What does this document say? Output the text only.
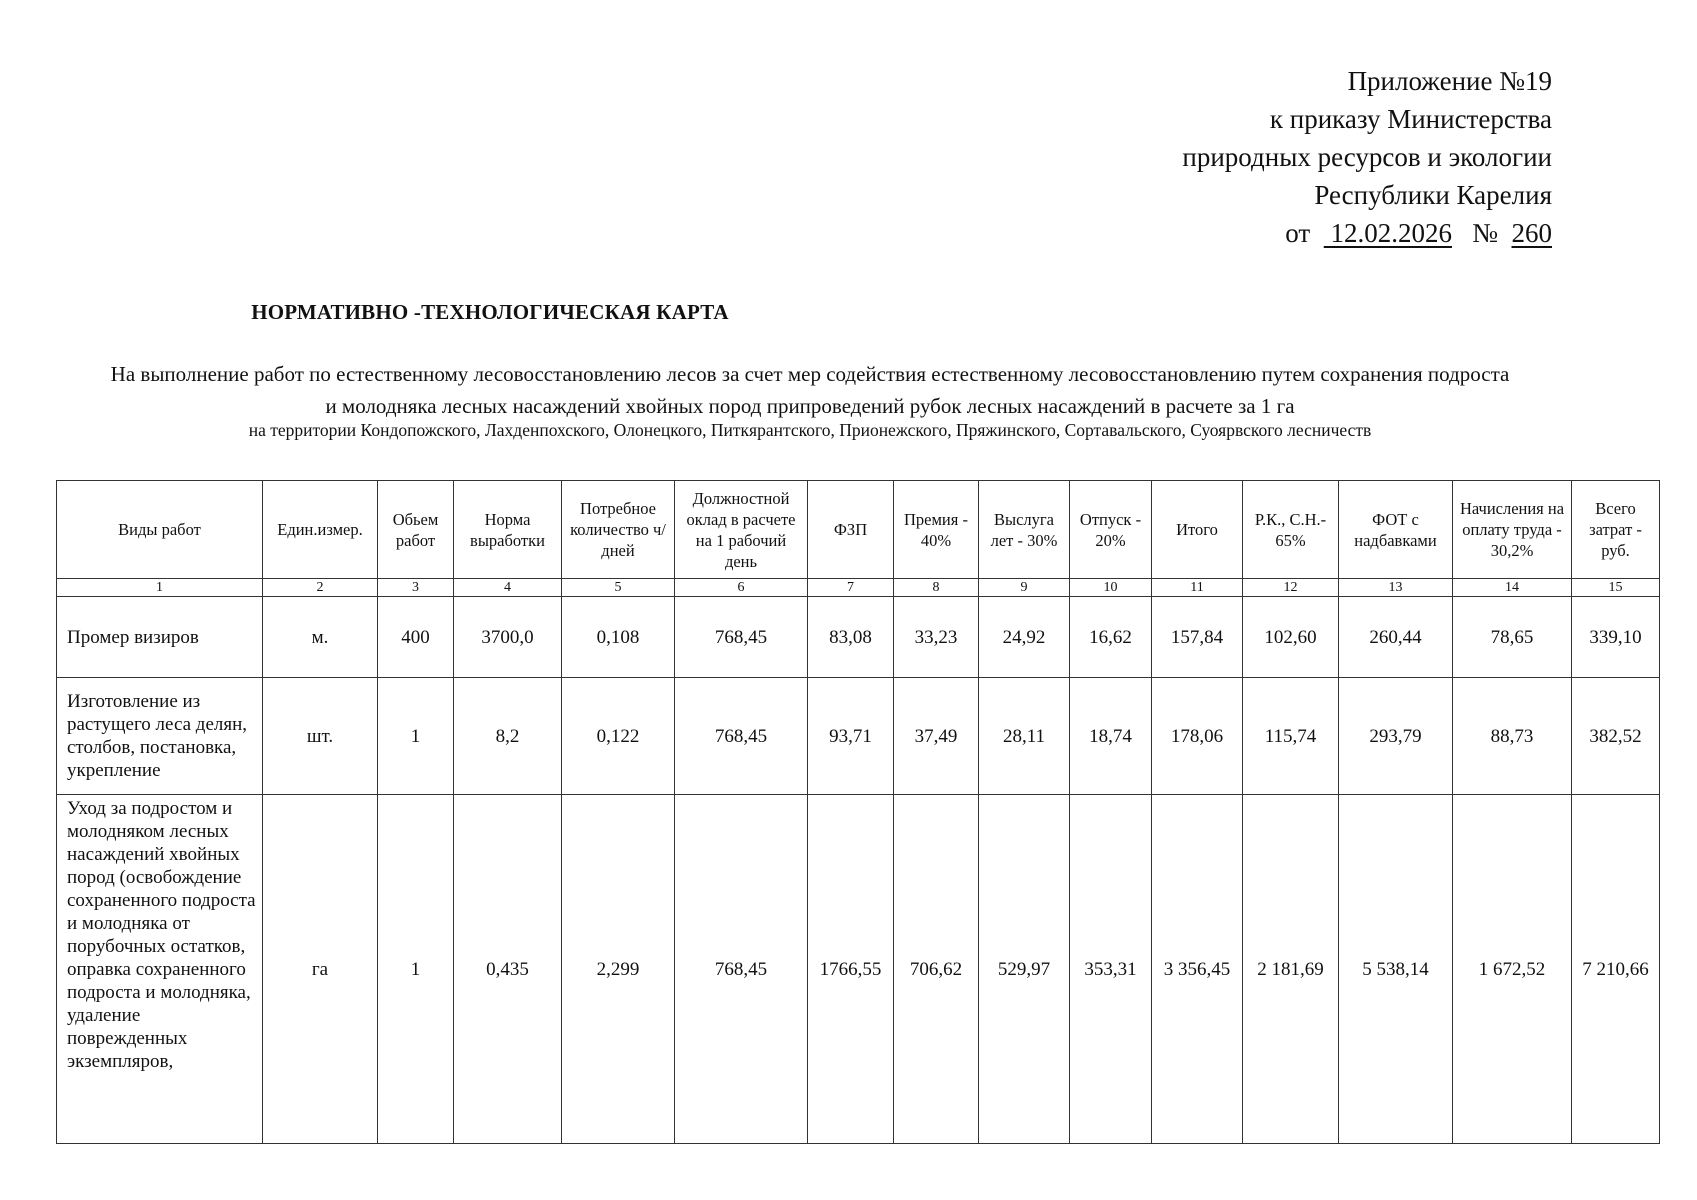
Приложение №19
к приказу Министерства
природных ресурсов и экологии
Республики Карелия
от 12.02.2026 № 260
НОРМАТИВНО -ТЕХНОЛОГИЧЕСКАЯ КАРТА
На выполнение работ по естественному лесовосстановлению лесов за счет мер содействия естественному лесовосстановлению путем сохранения подроста
и молодняка лесных насаждений хвойных пород припроведений рубок лесных насаждений в расчете за 1 га
на территории Кондопожского, Лахденпохского, Олонецкого, Питкярантского, Прионежского, Пряжинского, Сортавальского, Суоярвского лесничеств
Виды работ	Един.измер.	Обьем работ	Норма выработки	Потребное количество ч/дней	Должностной оклад в расчете на 1 рабочий день	ФЗП	Премия - 40%	Выслуга лет - 30%	Отпуск - 20%	Итого	Р.К., С.Н.- 65%	ФОТ с надбавками	Начисления на оплату труда - 30,2%	Всего затрат - руб.
1	2	3	4	5	6	7	8	9	10	11	12	13	14	15
Промер визиров	м.	400	3700,0	0,108	768,45	83,08	33,23	24,92	16,62	157,84	102,60	260,44	78,65	339,10
Изготовление из растущего леса делян, столбов, постановка, укрепление	шт.	1	8,2	0,122	768,45	93,71	37,49	28,11	18,74	178,06	115,74	293,79	88,73	382,52
Уход за подростом и молодняком лесных насаждений хвойных пород (освобождение сохраненного подроста и молодняка от порубочных остатков, оправка сохраненного подроста и молодняка, удаление поврежденных экземпляров,	га	1	0,435	2,299	768,45	1766,55	706,62	529,97	353,31	3 356,45	2 181,69	5 538,14	1 672,52	7 210,66
